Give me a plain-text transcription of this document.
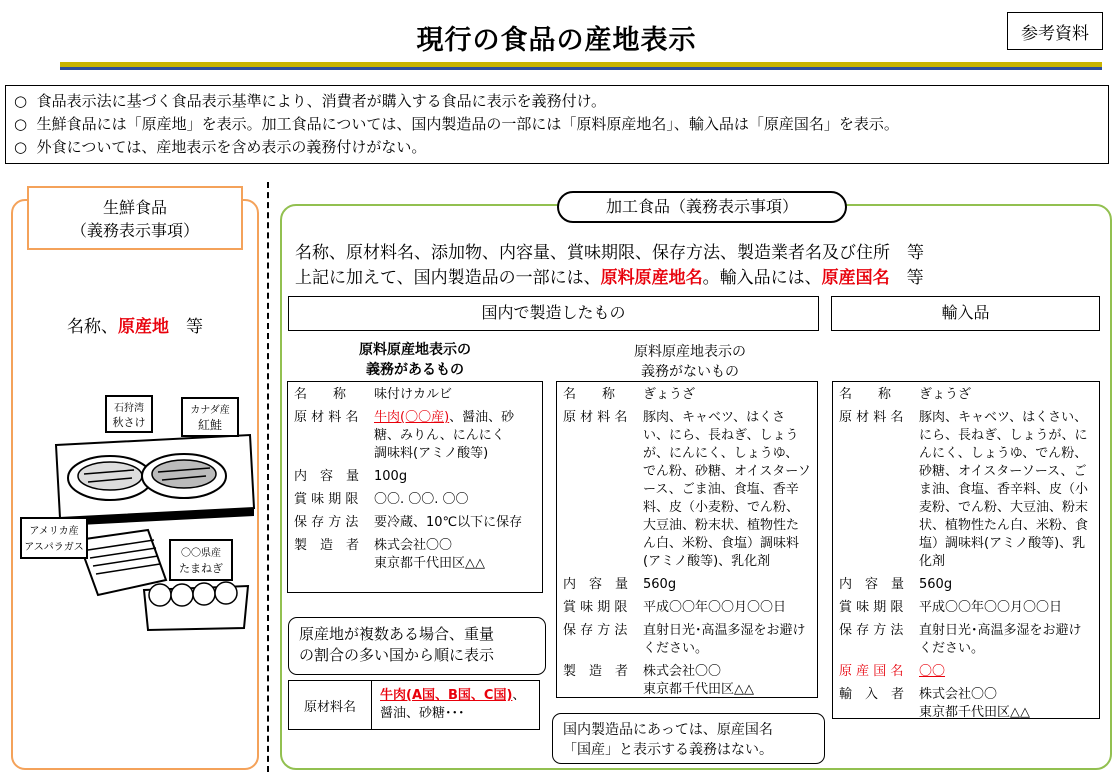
現行の食品の産地表示	参考資料
○ 食品表示法に基づく食品表示基準により、消費者が購入する食品に表示を義務付け。
○ 生鮮食品には「原産地」を表示。加工食品については、国内製造品の一部には「原料原産地名」、輸入品は「原産国名」を表示。
○ 外食については、産地表示を含め表示の義務付けがない。
生鮮食品
（義務表示事項）
名称、原産地　等
石狩湾
秋さけ
カナダ産
紅鮭
アメリカ産
アスパラガス
〇〇県産
たまねぎ
加工食品（義務表示事項）
名称、原材料名、添加物、内容量、賞味期限、保存方法、製造業者名及び住所　等
上記に加えて、国内製造品の一部には、原料原産地名。輸入品には、原産国名　等
国内で製造したもの	輸入品
原料原産地表示の
義務があるもの
原料原産地表示の
義務がないもの
名　　称	味付けカルビ
原 材 料 名	牛肉(〇〇産)、醤油、砂糖、みりん、にんにく
調味料(アミノ酸等)
内　容　量	100g
賞 味 期 限	〇〇. 〇〇. 〇〇
保 存 方 法	要冷蔵、10℃以下に保存
製　造　者	株式会社〇〇
東京都千代田区△△
名　　称	ぎょうざ
原 材 料 名	豚肉、キャベツ、はくさい、にら、長ねぎ、しょうが、にんにく、しょうゆ、でん粉、砂糖、オイスターソース、ごま油、食塩、香辛料、皮（小麦粉、でん粉、大豆油、粉末状、植物性たん白、米粉、食塩）調味料(アミノ酸等)、乳化剤
内　容　量	560g
賞 味 期 限	平成〇〇年〇〇月〇〇日
保 存 方 法	直射日光･高温多湿をお避けください。
製　造　者	株式会社〇〇
東京都千代田区△△
名　　称	ぎょうざ
原 材 料 名	豚肉、キャベツ、はくさい、にら、長ねぎ、しょうが、にんにく、しょうゆ、でん粉、砂糖、オイスターソース、ごま油、食塩、香辛料、皮（小麦粉、でん粉、大豆油、粉末状、植物性たん白、米粉、食塩）調味料(アミノ酸等)、乳化剤
内　容　量	560g
賞 味 期 限	平成〇〇年〇〇月〇〇日
保 存 方 法	直射日光･高温多湿をお避けください。
原 産 国 名	〇〇
輸　入　者	株式会社〇〇
東京都千代田区△△
原産地が複数ある場合、重量
の割合の多い国から順に表示
原材料名
牛肉(A国、B国、C国)、
醤油、砂糖･･･
国内製造品にあっては、原産国名
「国産」と表示する義務はない。
